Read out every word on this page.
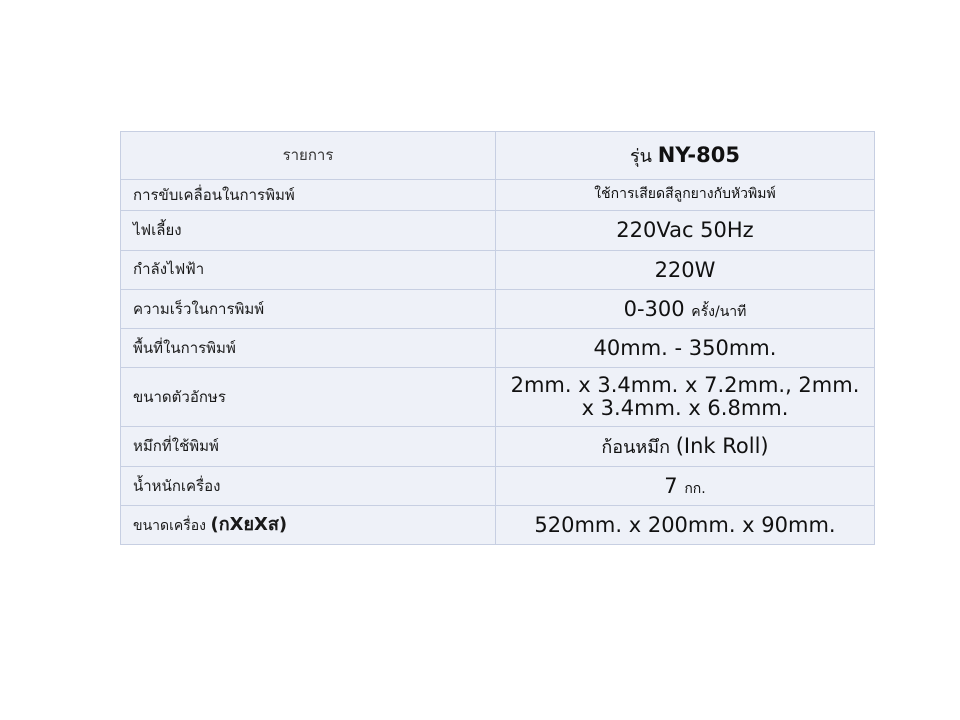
รายการ	รุ่น NY-805

การขับเคลื่อนในการพิมพ์	ใช้การเสียดสีลูกยางกับหัวพิมพ์

ไฟเลี้ยง	220Vac 50Hz

กำลังไฟฟ้า	220W

ความเร็วในการพิมพ์	0-300 ครั้ง/นาที

พื้นที่ในการพิมพ์	40mm. - 350mm.

ขนาดตัวอักษร	2mm. x 3.4mm. x 7.2mm., 2mm.
x 3.4mm. x 6.8mm.

หมึกที่ใช้พิมพ์	ก้อนหมึก (Ink Roll)

น้ำหนักเครื่อง	7 กก.

ขนาดเครื่อง (กXยXส)	520mm. x 200mm. x 90mm.
